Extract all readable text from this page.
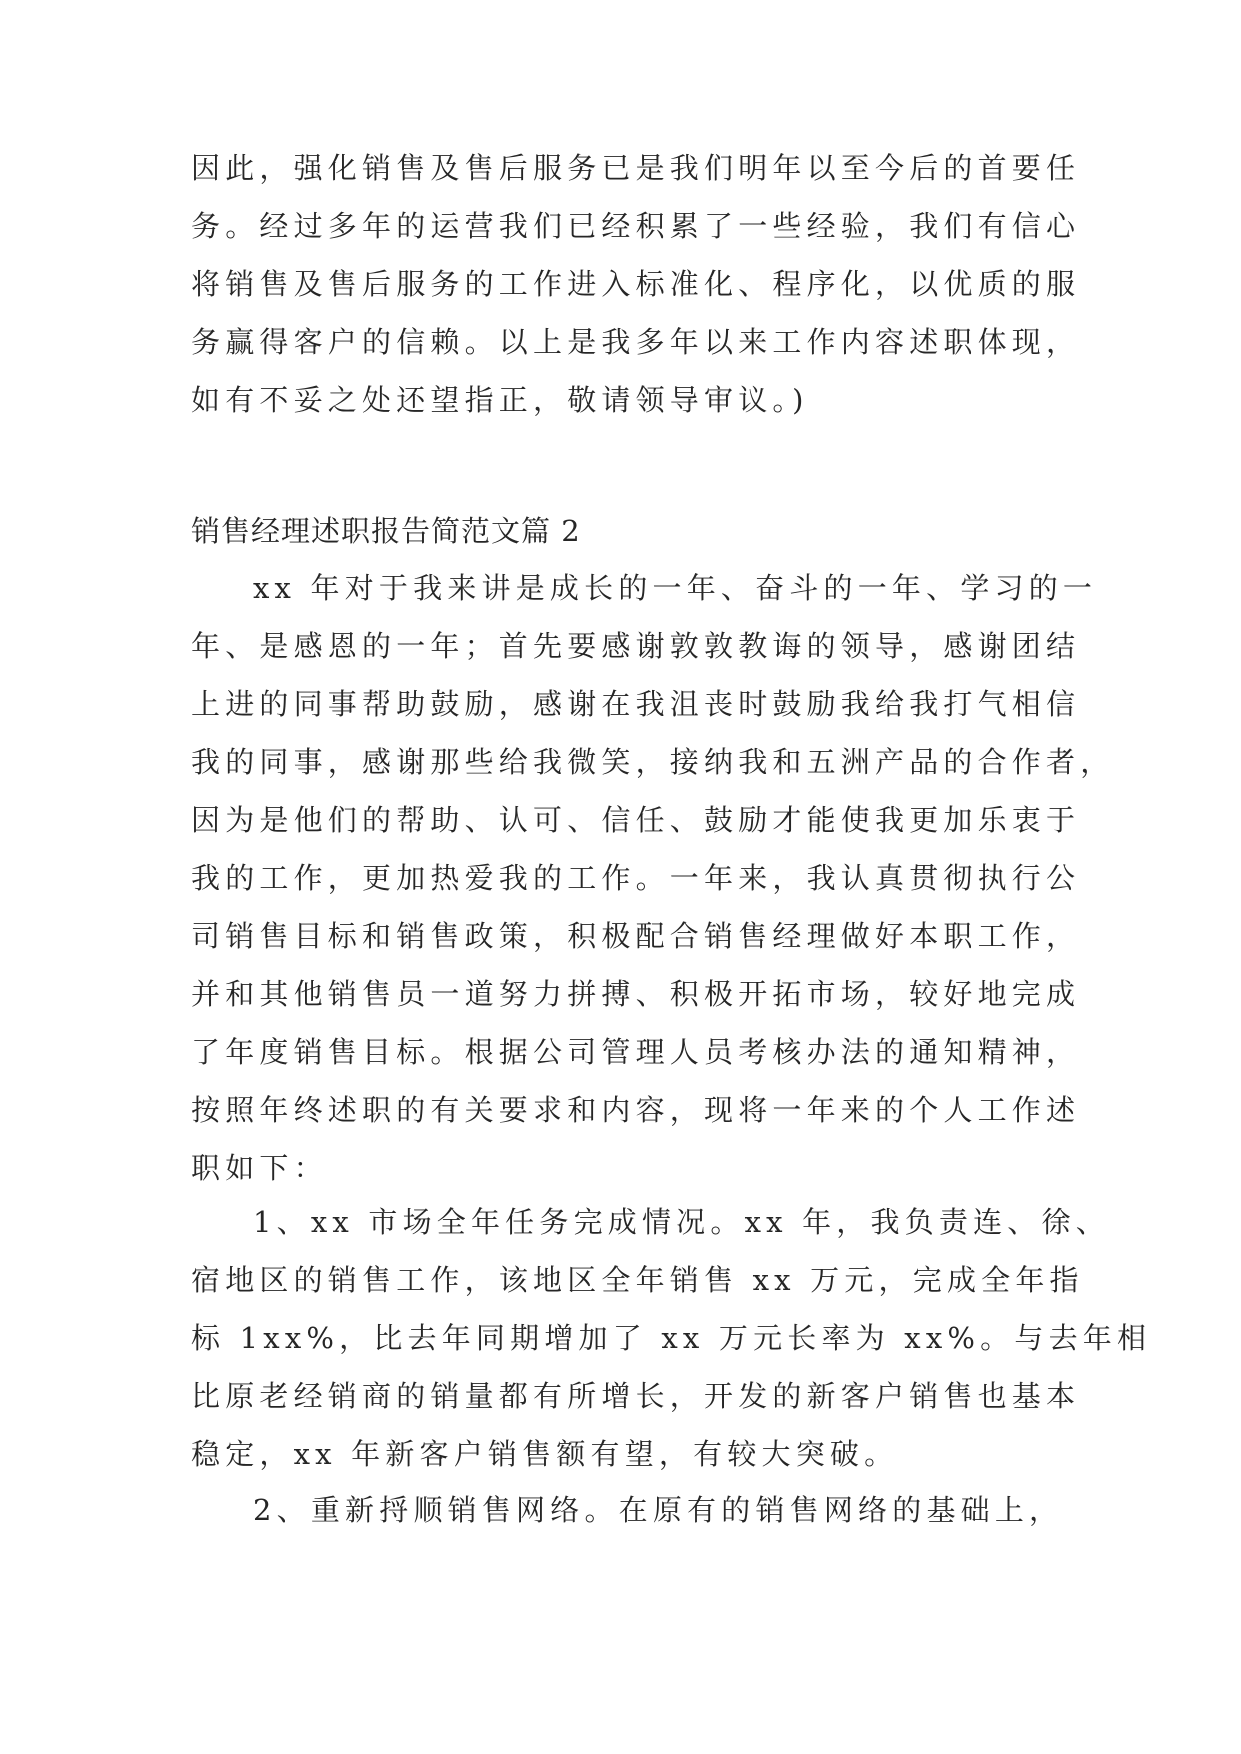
因此，强化销售及售后服务已是我们明年以至今后的首要任
务。经过多年的运营我们已经积累了一些经验，我们有信心
将销售及售后服务的工作进入标准化、程序化，以优质的服
务赢得客户的信赖。以上是我多年以来工作内容述职体现，
如有不妥之处还望指正，敬请领导审议。)
销售经理述职报告简范文篇 2
xx 年对于我来讲是成长的一年、奋斗的一年、学习的一
年、是感恩的一年；首先要感谢敦敦教诲的领导，感谢团结
上进的同事帮助鼓励，感谢在我沮丧时鼓励我给我打气相信
我的同事，感谢那些给我微笑，接纳我和五洲产品的合作者，
因为是他们的帮助、认可、信任、鼓励才能使我更加乐衷于
我的工作，更加热爱我的工作。一年来，我认真贯彻执行公
司销售目标和销售政策，积极配合销售经理做好本职工作，
并和其他销售员一道努力拼搏、积极开拓市场，较好地完成
了年度销售目标。根据公司管理人员考核办法的通知精神，
按照年终述职的有关要求和内容，现将一年来的个人工作述
职如下：
1、xx 市场全年任务完成情况。xx 年，我负责连、徐、
宿地区的销售工作，该地区全年销售 xx 万元，完成全年指
标 1xx%，比去年同期增加了 xx 万元长率为 xx%。与去年相
比原老经销商的销量都有所增长，开发的新客户销售也基本
稳定，xx 年新客户销售额有望，有较大突破。
2、重新捋顺销售网络。在原有的销售网络的基础上，
